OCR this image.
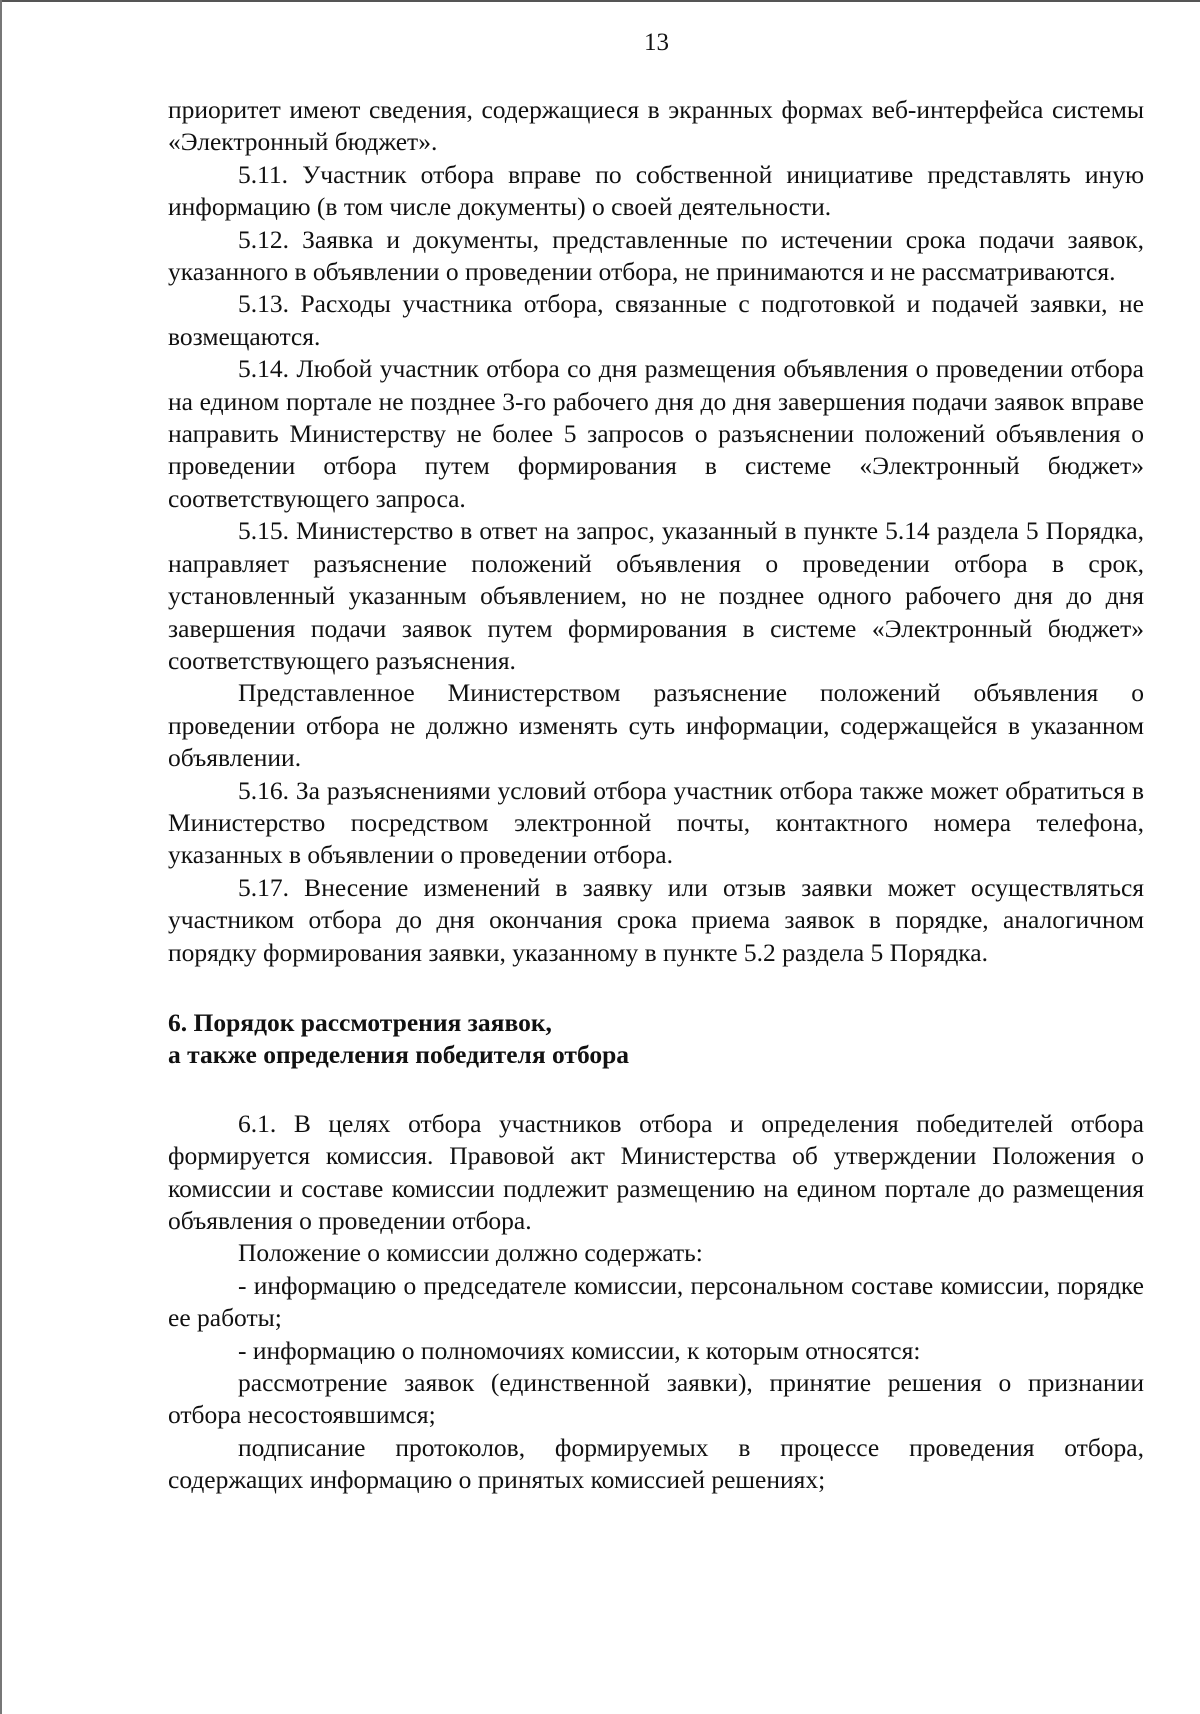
13

приоритет имеют сведения, содержащиеся в экранных формах веб-интерфейса системы «Электронный бюджет».

5.11. Участник отбора вправе по собственной инициативе представлять иную информацию (в том числе документы) о своей деятельности.

5.12. Заявка и документы, представленные по истечении срока подачи заявок, указанного в объявлении о проведении отбора, не принимаются и не рассматриваются.

5.13. Расходы участника отбора, связанные с подготовкой и подачей заявки, не возмещаются.

5.14. Любой участник отбора со дня размещения объявления о проведении отбора на едином портале не позднее 3-го рабочего дня до дня завершения подачи заявок вправе направить Министерству не более 5 запросов о разъяснении положений объявления о проведении отбора путем формирования в системе «Электронный бюджет» соответствующего запроса.

5.15. Министерство в ответ на запрос, указанный в пункте 5.14 раздела 5 Порядка, направляет разъяснение положений объявления о проведении отбора в срок, установленный указанным объявлением, но не позднее одного рабочего дня до дня завершения подачи заявок путем формирования в системе «Электронный бюджет» соответствующего разъяснения.

Представленное Министерством разъяснение положений объявления о проведении отбора не должно изменять суть информации, содержащейся в указанном объявлении.

5.16. За разъяснениями условий отбора участник отбора также может обратиться в Министерство посредством электронной почты, контактного номера телефона, указанных в объявлении о проведении отбора.

5.17. Внесение изменений в заявку или отзыв заявки может осуществляться участником отбора до дня окончания срока приема заявок в порядке, аналогичном порядку формирования заявки, указанному в пункте 5.2 раздела 5 Порядка.

6. Порядок рассмотрения заявок,

а также определения победителя отбора

6.1. В целях отбора участников отбора и определения победителей отбора формируется комиссия. Правовой акт Министерства об утверждении Положения о комиссии и составе комиссии подлежит размещению на едином портале до размещения объявления о проведении отбора.

Положение о комиссии должно содержать:

- информацию о председателе комиссии, персональном составе комиссии, порядке ее работы;

- информацию о полномочиях комиссии, к которым относятся:

рассмотрение заявок (единственной заявки), принятие решения о признании отбора несостоявшимся;

подписание протоколов, формируемых в процессе проведения отбора, содержащих информацию о принятых комиссией решениях;
